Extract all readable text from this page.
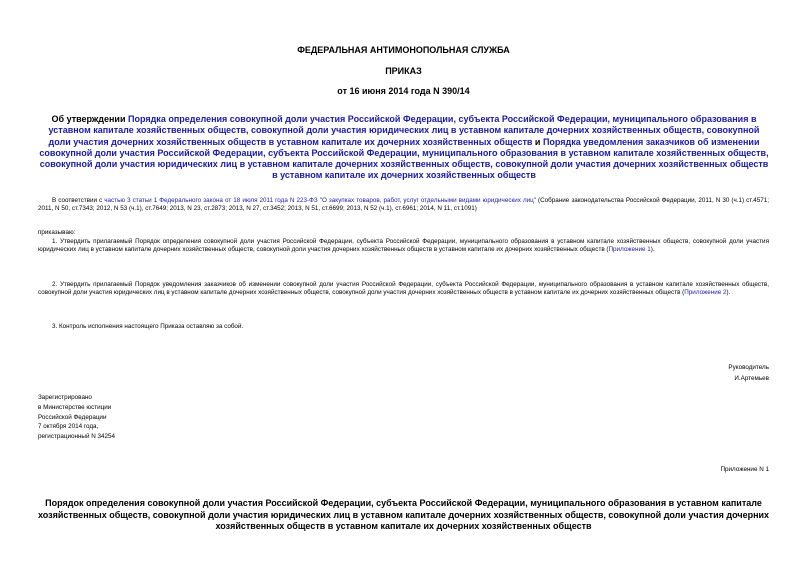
ФЕДЕРАЛЬНАЯ АНТИМОНОПОЛЬНАЯ СЛУЖБА
ПРИКАЗ
от 16 июня 2014 года N 390/14
Об утверждении Порядка определения совокупной доли участия Российской Федерации, субъекта Российской Федерации, муниципального образования в уставном капитале хозяйственных обществ, совокупной доли участия юридических лиц в уставном капитале дочерних хозяйственных обществ, совокупной доли участия дочерних хозяйственных обществ в уставном капитале их дочерних хозяйственных обществ и Порядка уведомления заказчиков об изменении совокупной доли участия Российской Федерации, субъекта Российской Федерации, муниципального образования в уставном капитале хозяйственных обществ, совокупной доли участия юридических лиц в уставном капитале дочерних хозяйственных обществ, совокупной доли участия дочерних хозяйственных обществ в уставном капитале их дочерних хозяйственных обществ
В соответствии с частью 3 статьи 1 Федерального закона от 18 июля 2011 года N 223-ФЗ "О закупках товаров, работ, услуг отдельными видами юридических лиц" (Собрание законодательства Российской Федерации, 2011, N 30 (ч.1) ст.4571; 2011, N 50, ст.7343; 2012, N 53 (ч.1), ст.7649; 2013, N 23, ст.2873; 2013, N 27, ст.3452; 2013, N 51, ст.6699; 2013, N 52 (ч.1), ст.6961; 2014, N 11, ст.1091)
приказываю:
1. Утвердить прилагаемый Порядок определения совокупной доли участия Российской Федерации, субъекта Российской Федерации, муниципального образования в уставном капитале хозяйственных обществ, совокупной доли участия юридических лиц в уставном капитале дочерних хозяйственных обществ, совокупной доли участия дочерних хозяйственных обществ в уставном капитале их дочерних хозяйственных обществ (Приложение 1).
2. Утвердить прилагаемый Порядок уведомления заказчиков об изменении совокупной доли участия Российской Федерации, субъекта Российской Федерации, муниципального образования в уставном капитале хозяйственных обществ, совокупной доли участия юридических лиц в уставном капитале дочерних хозяйственных обществ, совокупной доли участия дочерних хозяйственных обществ в уставном капитале их дочерних хозяйственных обществ (Приложение 2).
3. Контроль исполнения настоящего Приказа оставляю за собой.
Руководитель
И.Артемьев
Зарегистрировано
в Министерстве юстиции
Российской Федерации
7 октября 2014 года,
регистрационный N 34254
Приложение N 1
Порядок определения совокупной доли участия Российской Федерации, субъекта Российской Федерации, муниципального образования в уставном капитале хозяйственных обществ, совокупной доли участия юридических лиц в уставном капитале дочерних хозяйственных обществ, совокупной доли участия дочерних хозяйственных обществ в уставном капитале их дочерних хозяйственных обществ
